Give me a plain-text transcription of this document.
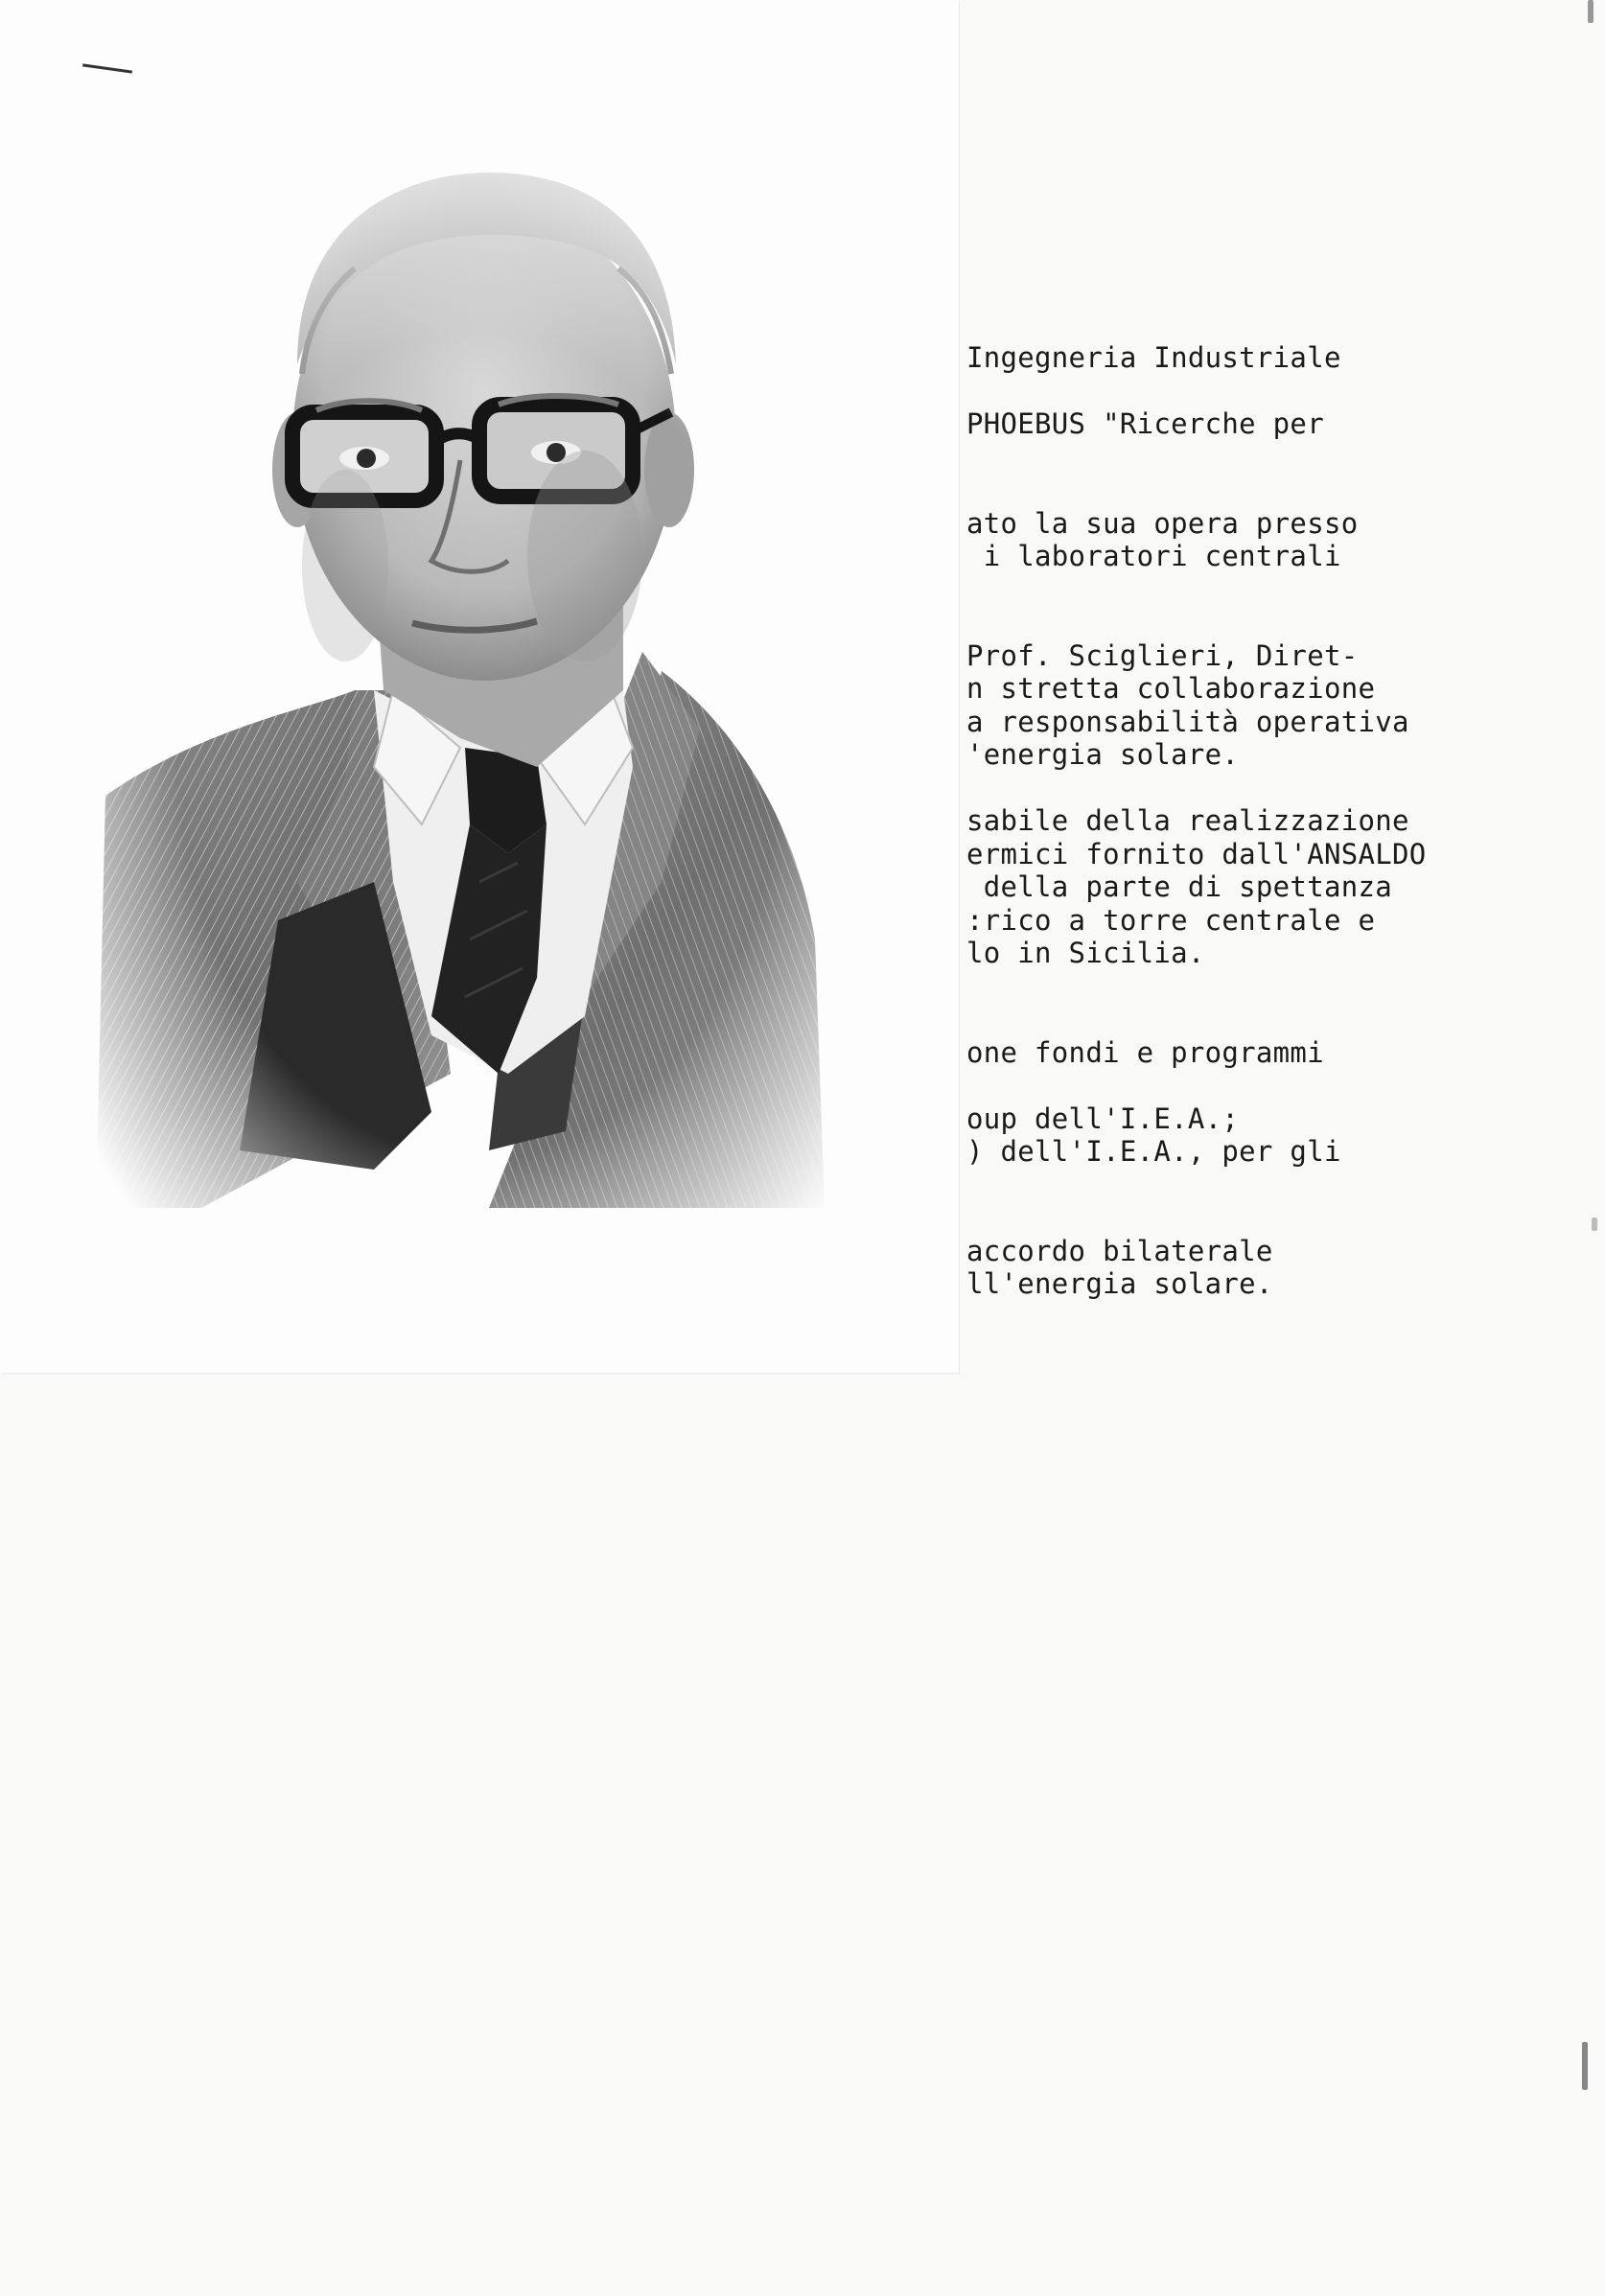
Ingegneria Industriale
PHOEBUS "Ricerche per
ato la sua opera presso
i laboratori centrali
Prof. Sciglieri, Diret-
n stretta collaborazione
a responsabilità operativa
'energia solare.
sabile della realizzazione
ermici fornito dall'ANSALDO
della parte di spettanza
:rico a torre centrale e
lo in Sicilia.
one fondi e programmi
oup dell'I.E.A.;
) dell'I.E.A., per gli
accordo bilaterale
ll'energia solare.
